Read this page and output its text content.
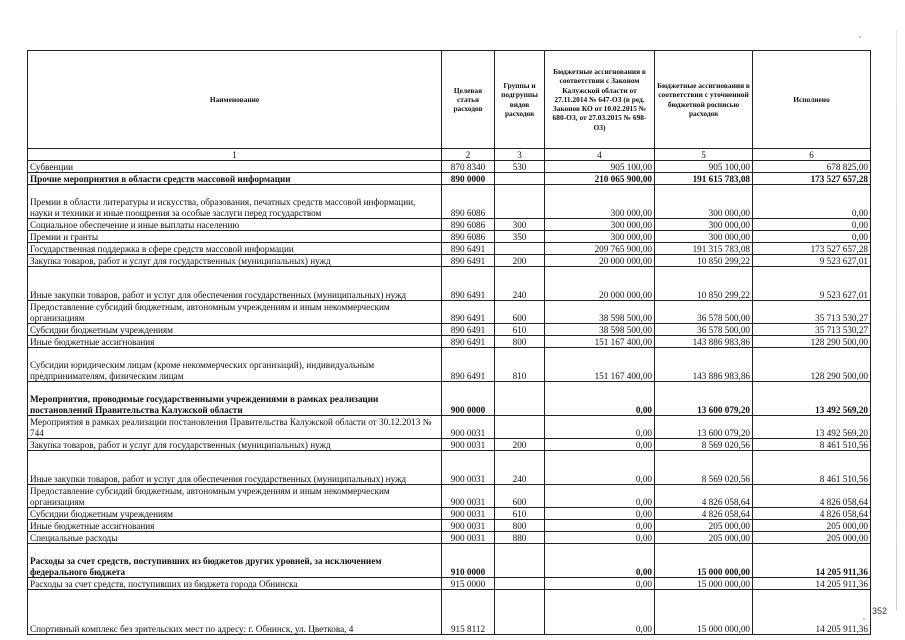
Наименование	Целевая статья расходов	Группы и подгруппы видов расходов	Бюджетные ассигнования в соответствии с Законом Калужской области от 27.11.2014 № 647-ОЗ (в ред. Законов КО от 10.02.2015 № 680-ОЗ, от 27.03.2015 № 698-ОЗ)	Бюджетные ассигнования в соответствии с уточненной бюджетной росписью расходов	Исполнено
1	2	3	4	5	6
Субвенции	870 8340	530	905 100,00	905 100,00	678 825,00
Прочие мероприятия в области средств массовой информации	890 0000		210 065 900,00	191 615 783,08	173 527 657,28
Премии в области литературы и искусства, образования, печатных средств массовой информации, науки и техники и иные поощрения за особые заслуги перед государством	890 6086		300 000,00	300 000,00	0,00
Социальное обеспечение и иные выплаты населению	890 6086	300	300 000,00	300 000,00	0,00
Премии и гранты	890 6086	350	300 000,00	300 000,00	0,00
Государственная поддержка в сфере средств массовой информации	890 6491		209 765 900,00	191 315 783,08	173 527 657,28
Закупка товаров, работ и услуг для государственных (муниципальных) нужд	890 6491	200	20 000 000,00	10 850 299,22	9 523 627,01
Иные закупки товаров, работ и услуг для обеспечения государственных (муниципальных) нужд	890 6491	240	20 000 000,00	10 850 299,22	9 523 627,01
Предоставление субсидий бюджетным, автономным учреждениям и иным некоммерческим организациям	890 6491	600	38 598 500,00	36 578 500,00	35 713 530,27
Субсидии бюджетным учреждениям	890 6491	610	38 598 500,00	36 578 500,00	35 713 530,27
Иные бюджетные ассигнования	890 6491	800	151 167 400,00	143 886 983,86	128 290 500,00
Субсидии юридическим лицам (кроме некоммерческих организаций), индивидуальным предпринимателям, физическим лицам	890 6491	810	151 167 400,00	143 886 983,86	128 290 500,00
Мероприятия, проводимые государственными учреждениями в рамках реализации постановлений Правительства Калужской области	900 0000		0,00	13 600 079,20	13 492 569,20
Мероприятия в рамках реализации постановления Правительства Калужской области от 30.12.2013 № 744	900 0031		0,00	13 600 079,20	13 492 569,20
Закупка товаров, работ и услуг для государственных (муниципальных) нужд	900 0031	200	0,00	8 569 020,56	8 461 510,56
Иные закупки товаров, работ и услуг для обеспечения государственных (муниципальных) нужд	900 0031	240	0,00	8 569 020,56	8 461 510,56
Предоставление субсидий бюджетным, автономным учреждениям и иным некоммерческим организациям	900 0031	600	0,00	4 826 058,64	4 826 058,64
Субсидии бюджетным учреждениям	900 0031	610	0,00	4 826 058,64	4 826 058,64
Иные бюджетные ассигнования	900 0031	800	0,00	205 000,00	205 000,00
Специальные расходы	900 0031	880	0,00	205 000,00	205 000,00
Расходы за счет средств, поступивших из бюджетов других уровней, за исключением федерального бюджета	910 0000		0,00	15 000 000,00	14 205 911,36
Расходы за счет средств, поступивших из бюджета города Обнинска	915 0000		0,00	15 000 000,00	14 205 911,36
Спортивный комплекс без зрительских мест по адресу: г. Обнинск, ул. Цветкова, 4	915 8112		0,00	15 000 000,00	14 205 911,36
352
